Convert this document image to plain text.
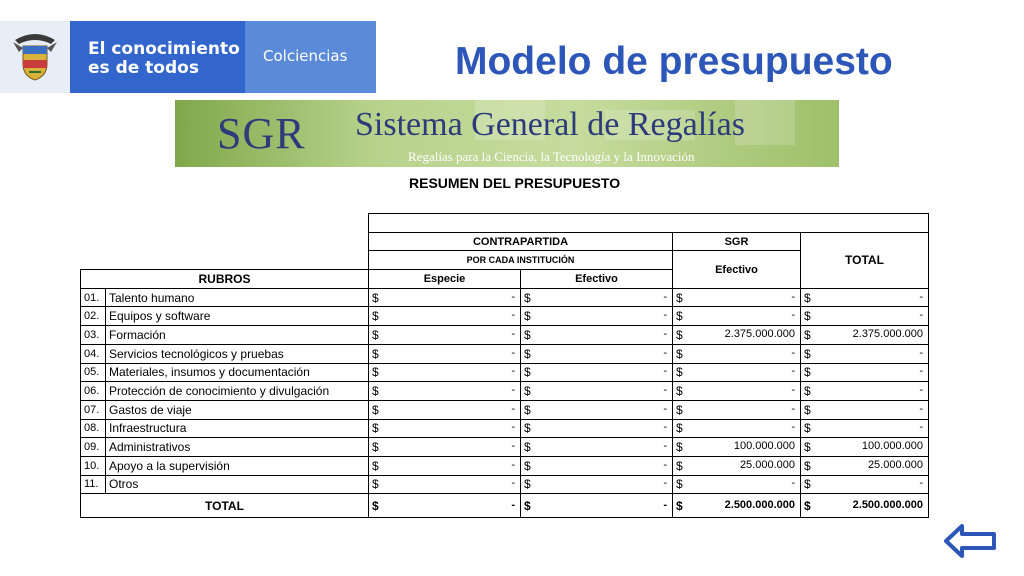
El conocimiento
es de todos
Colciencias	Modelo de presupuesto
SGR Sistema General de Regalías
Regalías para la Ciencia, la Tecnología y la Innovación
RESUMEN DEL PRESUPUESTO

		CONTRAPARTIDA		SGR	TOTAL
		POR CADA INSTITUCIÓN		Efectivo	
RUBROS		Especie	Efectivo		
01.	Talento humano	$ -	$ -	$ -	$ -

02.	Equipos y software	$ -	$ -	$ -	$ -

03.	Formación	$ -	$ -	$ 2.375.000.000	$ 2.375.000.000

04.	Servicios tecnológicos y pruebas	$ -	$ -	$ -	$ -

05.	Materiales, insumos y documentación	$ -	$ -	$ -	$ -

06.	Protección de conocimiento y divulgación	$ -	$ -	$ -	$ -

07.	Gastos de viaje	$ -	$ -	$ -	$ -

08.	Infraestructura	$ -	$ -	$ -	$ -

09.	Administrativos	$ -	$ -	$ 100.000.000	$ 100.000.000

10.	Apoyo a la supervisión	$ -	$ -	$ 25.000.000	$ 25.000.000

11.	Otros	$ -	$ -	$ -	$ -

TOTAL		$ -	$ -	$ 2.500.000.000	$ 2.500.000.000
